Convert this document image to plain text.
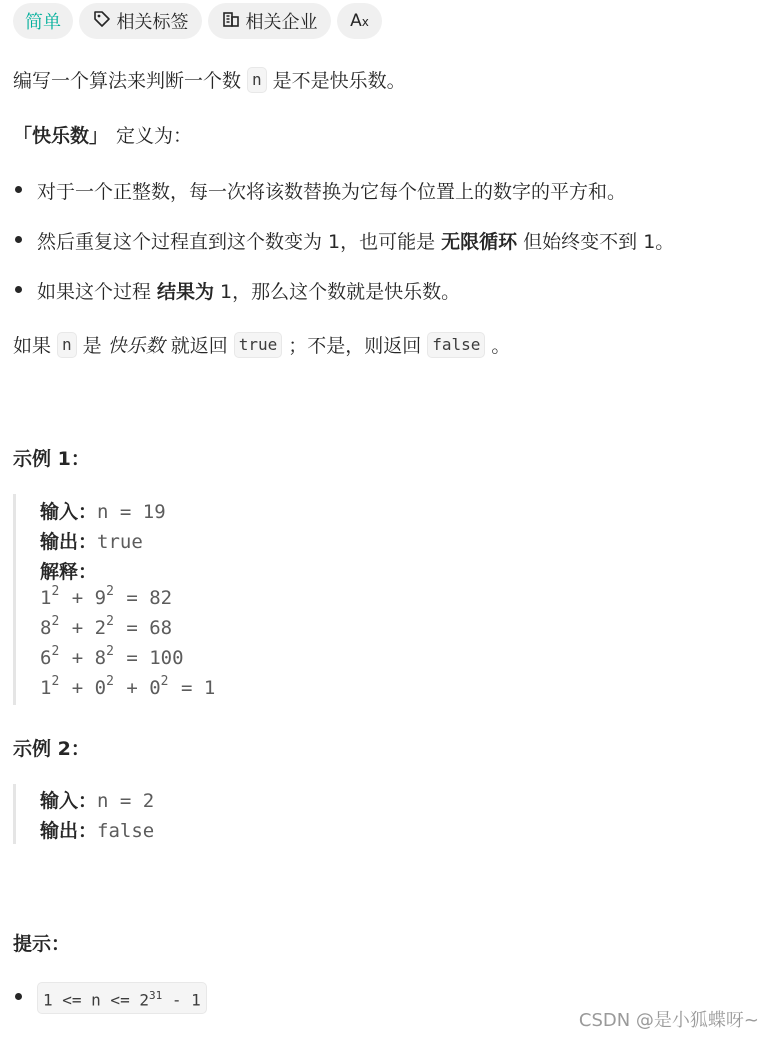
简单	相关标签	相关企业 Ax
编写一个算法来判断一个数 n 是不是快乐数。
「快乐数」 定义为：
对于一个正整数，每一次将该数替换为它每个位置上的数字的平方和。
然后重复这个过程直到这个数变为 1，也可能是 无限循环 但始终变不到 1。
如果这个过程 结果为 1，那么这个数就是快乐数。
如果 n 是 快乐数 就返回 true ；不是，则返回 false 。
示例 1：
输入： n = 19
输出： true
解释：
$1^2 + 9^2 = 82$
$8^2 + 2^2 = 68$
$6^2 + 8^2 = 100$
$1^2 + 0^2 + 0^2 = 1$
示例 2：
输入： n = 2
输出： false
提示：
$1 <= n <= 2^{31} - 1$
CSDN @是小狐蝶呀~
